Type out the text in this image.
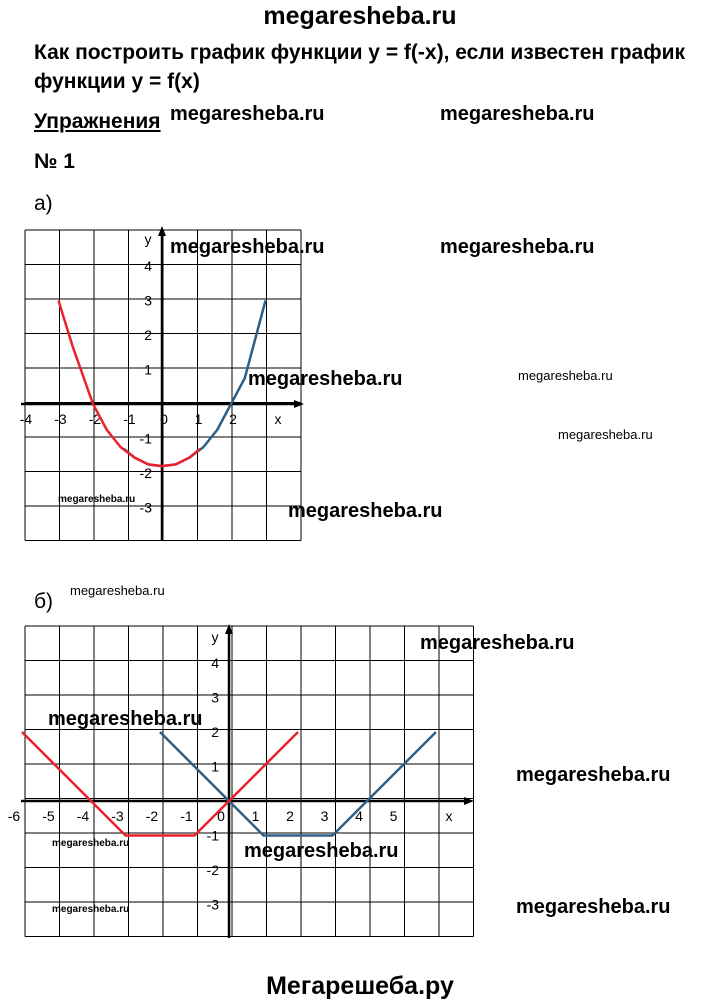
megaresheba.ru
Как построить график функции у = f(-x), если известен график функции у = f(x)
Упражнения
№ 1
а)
б)
-4 -3 -2 -1 0 1 2
4
3
2
1
-1
-2
-3
x
y
-6 -5 -4 -3 -2 -1 0 1 2 3 4 5
4
3
2
1
-1
-2
-3
x
y
megaresheba.ru	megaresheba.ru
megaresheba.ru	megaresheba.ru
megaresheba.ru	megaresheba.ru
megaresheba.ru
megaresheba.ru
megaresheba.ru
megaresheba.ru
megaresheba.ru
megaresheba.ru
megaresheba.ru
megaresheba.ru	megaresheba.ru
megaresheba.ru
megaresheba.ru
Мегарешеба.ру
